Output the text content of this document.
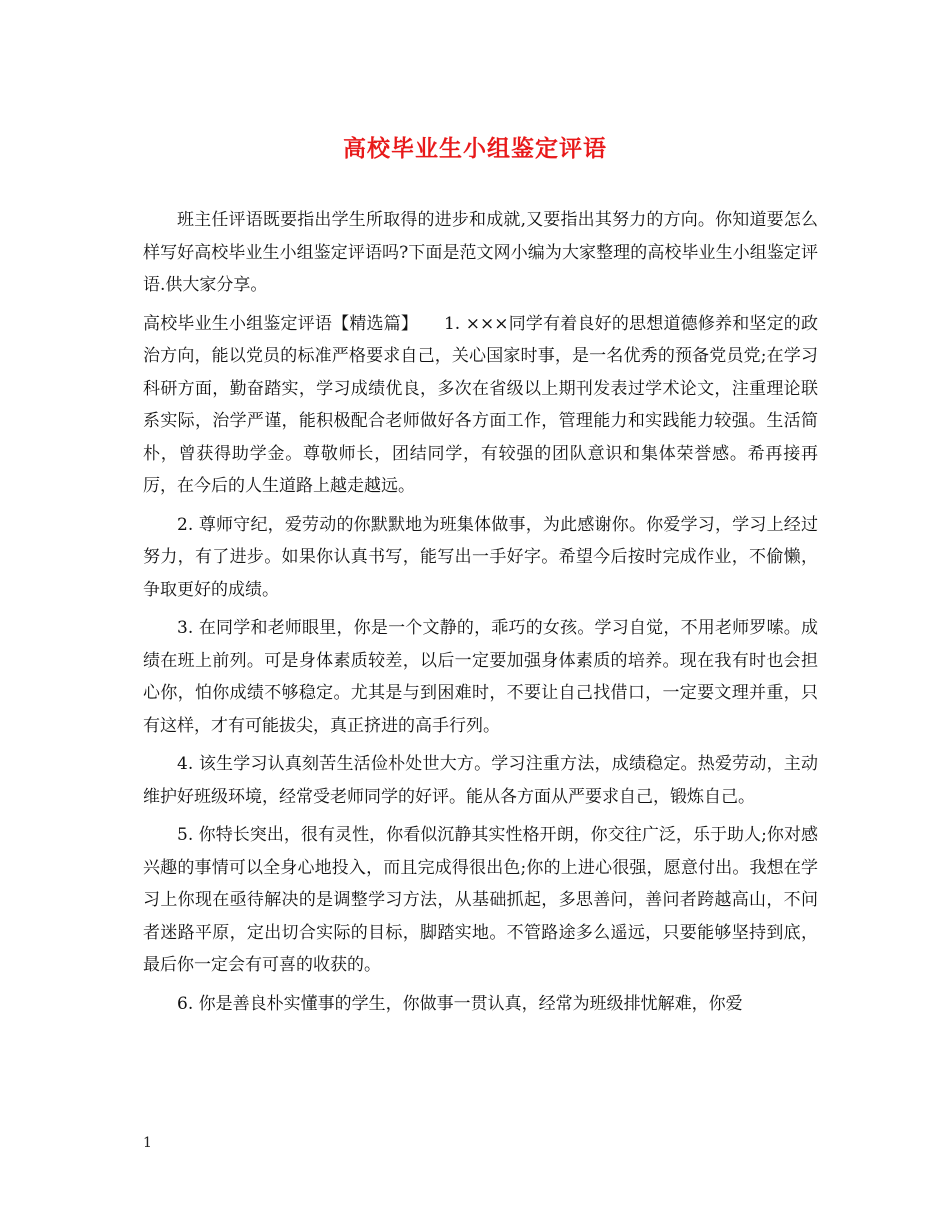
高校毕业生小组鉴定评语

班主任评语既要指出学生所取得的进步和成就,又要指出其努力的方向。你知道要怎么样写好高校毕业生小组鉴定评语吗?下面是范文网小编为大家整理的高校毕业生小组鉴定评语.供大家分享。

高校毕业生小组鉴定评语【精选篇】　　1. ×××同学有着良好的思想道德修养和坚定的政治方向，能以党员的标准严格要求自己，关心国家时事，是一名优秀的预备党员党;在学习科研方面，勤奋踏实，学习成绩优良，多次在省级以上期刊发表过学术论文，注重理论联系实际，治学严谨，能积极配合老师做好各方面工作，管理能力和实践能力较强。生活简朴，曾获得助学金。尊敬师长，团结同学，有较强的团队意识和集体荣誉感。希再接再厉，在今后的人生道路上越走越远。

2. 尊师守纪，爱劳动的你默默地为班集体做事，为此感谢你。你爱学习，学习上经过努力，有了进步。如果你认真书写，能写出一手好字。希望今后按时完成作业，不偷懒，争取更好的成绩。

3. 在同学和老师眼里，你是一个文静的，乖巧的女孩。学习自觉，不用老师罗嗦。成绩在班上前列。可是身体素质较差，以后一定要加强身体素质的培养。现在我有时也会担心你，怕你成绩不够稳定。尤其是与到困难时，不要让自己找借口，一定要文理并重，只有这样，才有可能拔尖，真正挤进的高手行列。

4. 该生学习认真刻苦生活俭朴处世大方。学习注重方法，成绩稳定。热爱劳动，主动维护好班级环境，经常受老师同学的好评。能从各方面从严要求自己，锻炼自己。

5. 你特长突出，很有灵性，你看似沉静其实性格开朗，你交往广泛，乐于助人;你对感兴趣的事情可以全身心地投入，而且完成得很出色;你的上进心很强，愿意付出。我想在学习上你现在亟待解决的是调整学习方法，从基础抓起，多思善问，善问者跨越高山，不问者迷路平原，定出切合实际的目标，脚踏实地。不管路途多么遥远，只要能够坚持到底，最后你一定会有可喜的收获的。

6. 你是善良朴实懂事的学生，你做事一贯认真，经常为班级排忧解难，你爱

1
